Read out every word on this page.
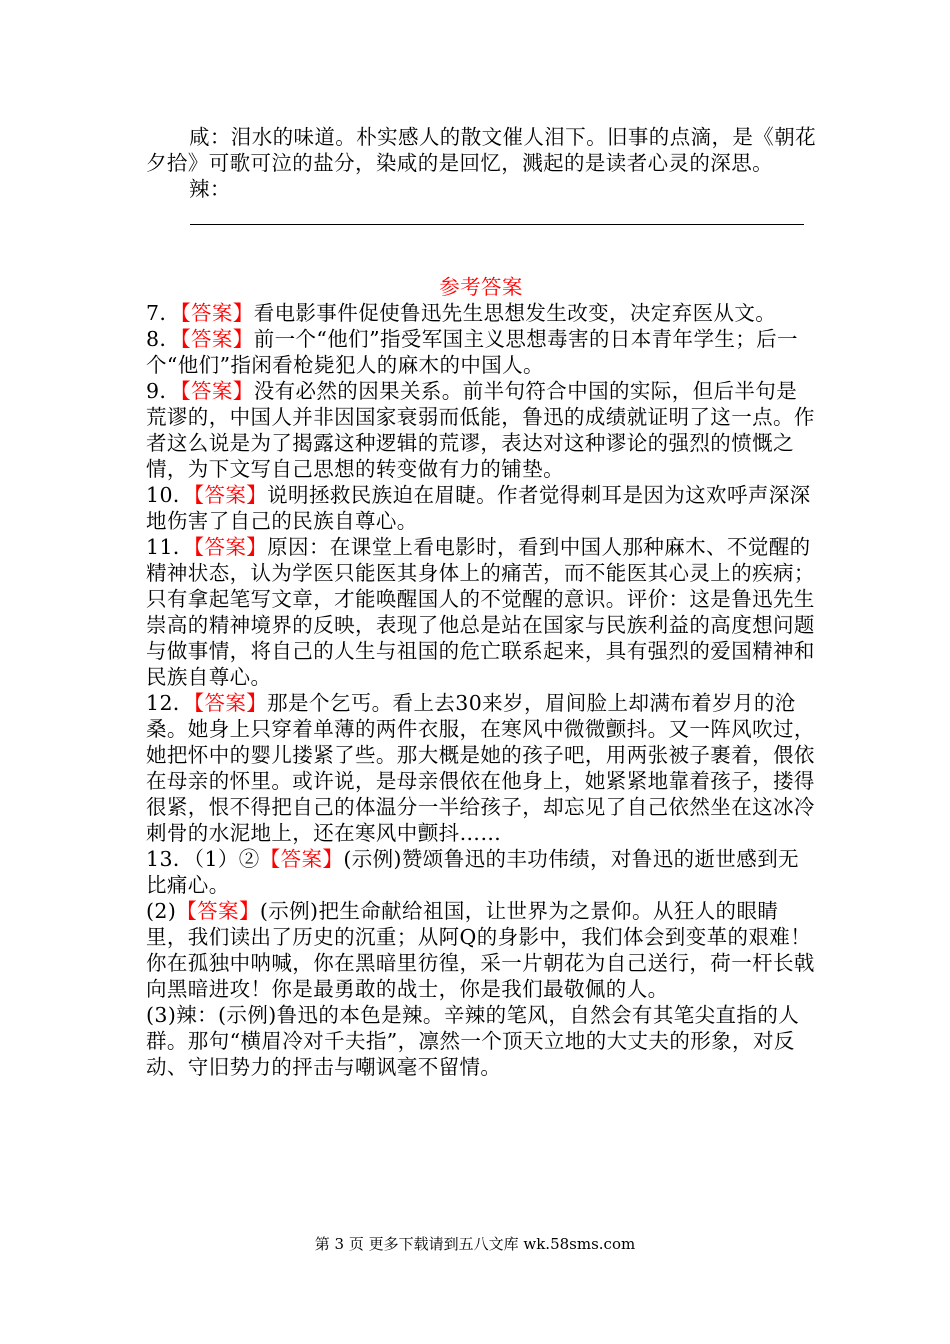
咸：泪水的味道。朴实感人的散文催人泪下。旧事的点滴，是《朝花夕拾》可歌可泣的盐分，染咸的是回忆，溅起的是读者心灵的深思。

辣：

参考答案

7．【答案】看电影事件促使鲁迅先生思想发生改变，决定弃医从文。

8．【答案】前一个“他们”指受军国主义思想毒害的日本青年学生；后一个“他们”指闲看枪毙犯人的麻木的中国人。

9．【答案】没有必然的因果关系。前半句符合中国的实际，但后半句是荒谬的，中国人并非因国家衰弱而低能，鲁迅的成绩就证明了这一点。作者这么说是为了揭露这种逻辑的荒谬，表达对这种谬论的强烈的愤慨之情，为下文写自己思想的转变做有力的铺垫。

10．【答案】说明拯救民族迫在眉睫。作者觉得刺耳是因为这欢呼声深深地伤害了自己的民族自尊心。

11．【答案】原因：在课堂上看电影时，看到中国人那种麻木、不觉醒的精神状态，认为学医只能医其身体上的痛苦，而不能医其心灵上的疾病；只有拿起笔写文章，才能唤醒国人的不觉醒的意识。评价：这是鲁迅先生崇高的精神境界的反映，表现了他总是站在国家与民族利益的高度想问题与做事情，将自己的人生与祖国的危亡联系起来，具有强烈的爱国精神和民族自尊心。

12．【答案】那是个乞丐。看上去30来岁，眉间脸上却满布着岁月的沧桑。她身上只穿着单薄的两件衣服，在寒风中微微颤抖。又一阵风吹过，她把怀中的婴儿搂紧了些。那大概是她的孩子吧，用两张被子裹着，偎依在母亲的怀里。或许说，是母亲偎依在他身上，她紧紧地靠着孩子，搂得很紧，恨不得把自己的体温分一半给孩子，却忘见了自己依然坐在这冰冷刺骨的水泥地上，还在寒风中颤抖……

13．（1）②【答案】(示例)赞颂鲁迅的丰功伟绩，对鲁迅的逝世感到无比痛心。

(2)【答案】(示例)把生命献给祖国，让世界为之景仰。从狂人的眼睛里，我们读出了历史的沉重；从阿Q的身影中，我们体会到变革的艰难！你在孤独中呐喊，你在黑暗里彷徨，采一片朝花为自己送行，荷一杆长戟向黑暗进攻！你是最勇敢的战士，你是我们最敬佩的人。

(3)辣：(示例)鲁迅的本色是辣。辛辣的笔风，自然会有其笔尖直指的人群。那句“横眉冷对千夫指”，凛然一个顶天立地的大丈夫的形象，对反动、守旧势力的抨击与嘲讽毫不留情。

第 3 页 更多下载请到五八文库 wk.58sms.com
